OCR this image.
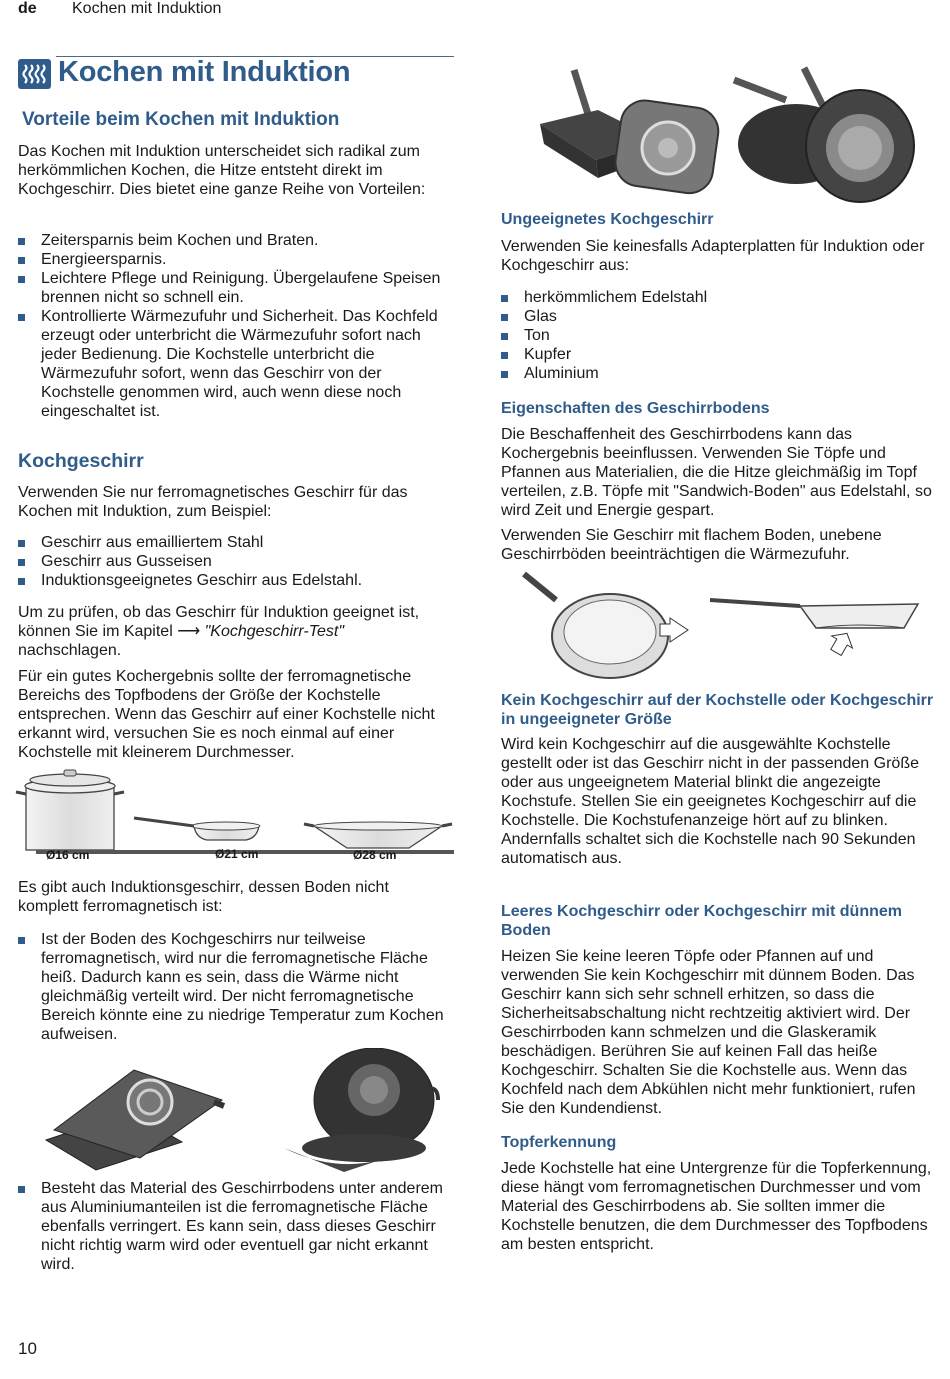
de Kochen mit Induktion
Kochen mit Induktion
Vorteile beim Kochen mit Induktion

Das Kochen mit Induktion unterscheidet sich radikal zum herkömmlichen Kochen, die Hitze entsteht direkt im Kochgeschirr. Dies bietet eine ganze Reihe von Vorteilen:

Zeitersparnis beim Kochen und Braten.
Energieersparnis.
Leichtere Pflege und Reinigung. Übergelaufene Speisen brennen nicht so schnell ein.
Kontrollierte Wärmezufuhr und Sicherheit. Das Kochfeld erzeugt oder unterbricht die Wärmezufuhr sofort nach jeder Bedienung. Die Kochstelle unterbricht die Wärmezufuhr sofort, wenn das Geschirr von der Kochstelle genommen wird, auch wenn diese noch eingeschaltet ist.
Kochgeschirr

Verwenden Sie nur ferromagnetisches Geschirr für das Kochen mit Induktion, zum Beispiel:

Geschirr aus emailliertem Stahl
Geschirr aus Gusseisen
Induktionsgeeignetes Geschirr aus Edelstahl.

Um zu prüfen, ob das Geschirr für Induktion geeignet ist, können Sie im Kapitel ⟶ "Kochgeschirr-Test" nachschlagen.

Für ein gutes Kochergebnis sollte der ferromagnetische Bereichs des Topfbodens der Größe der Kochstelle entsprechen. Wenn das Geschirr auf einer Kochstelle nicht erkannt wird, versuchen Sie es noch einmal auf einer Kochstelle mit kleinerem Durchmesser.

Ø16 cm	Ø21 cm	Ø28 cm

Es gibt auch Induktionsgeschirr, dessen Boden nicht komplett ferromagnetisch ist:

Ist der Boden des Kochgeschirrs nur teilweise ferromagnetisch, wird nur die ferromagnetische Fläche heiß. Dadurch kann es sein, dass die Wärme nicht gleichmäßig verteilt wird. Der nicht ferromagnetische Bereich könnte eine zu niedrige Temperatur zum Kochen aufweisen.
Besteht das Material des Geschirrbodens unter anderem aus Aluminiumanteilen ist die ferromagnetische Fläche ebenfalls verringert. Es kann sein, dass dieses Geschirr nicht richtig warm wird oder eventuell gar nicht erkannt wird.
Ungeeignetes Kochgeschirr

Verwenden Sie keinesfalls Adapterplatten für Induktion oder Kochgeschirr aus:

herkömmlichem Edelstahl
Glas
Ton
Kupfer
Aluminium
Eigenschaften des Geschirrbodens

Die Beschaffenheit des Geschirrbodens kann das Kochergebnis beeinflussen. Verwenden Sie Töpfe und Pfannen aus Materialien, die die Hitze gleichmäßig im Topf verteilen, z.B. Töpfe mit "Sandwich-Boden" aus Edelstahl, so wird Zeit und Energie gespart.

Verwenden Sie Geschirr mit flachem Boden, unebene Geschirrböden beeinträchtigen die Wärmezufuhr.

Kein Kochgeschirr auf der Kochstelle oder Kochgeschirr in ungeeigneter Größe

Wird kein Kochgeschirr auf die ausgewählte Kochstelle gestellt oder ist das Geschirr nicht in der passenden Größe oder aus ungeeignetem Material blinkt die angezeigte Kochstufe. Stellen Sie ein geeignetes Kochgeschirr auf die Kochstelle. Die Kochstufenanzeige hört auf zu blinken. Andernfalls schaltet sich die Kochstelle nach 90 Sekunden automatisch aus.

Leeres Kochgeschirr oder Kochgeschirr mit dünnem Boden

Heizen Sie keine leeren Töpfe oder Pfannen auf und verwenden Sie kein Kochgeschirr mit dünnem Boden. Das Geschirr kann sich sehr schnell erhitzen, so dass die Sicherheitsabschaltung nicht rechtzeitig aktiviert wird. Der Geschirrboden kann schmelzen und die Glaskeramik beschädigen. Berühren Sie auf keinen Fall das heiße Kochgeschirr. Schalten Sie die Kochstelle aus. Wenn das Kochfeld nach dem Abkühlen nicht mehr funktioniert, rufen Sie den Kundendienst.

Topferkennung

Jede Kochstelle hat eine Untergrenze für die Topferkennung, diese hängt vom ferromagnetischen Durchmesser und vom Material des Geschirrbodens ab. Sie sollten immer die Kochstelle benutzen, die dem Durchmesser des Topfbodens am besten entspricht.

10
